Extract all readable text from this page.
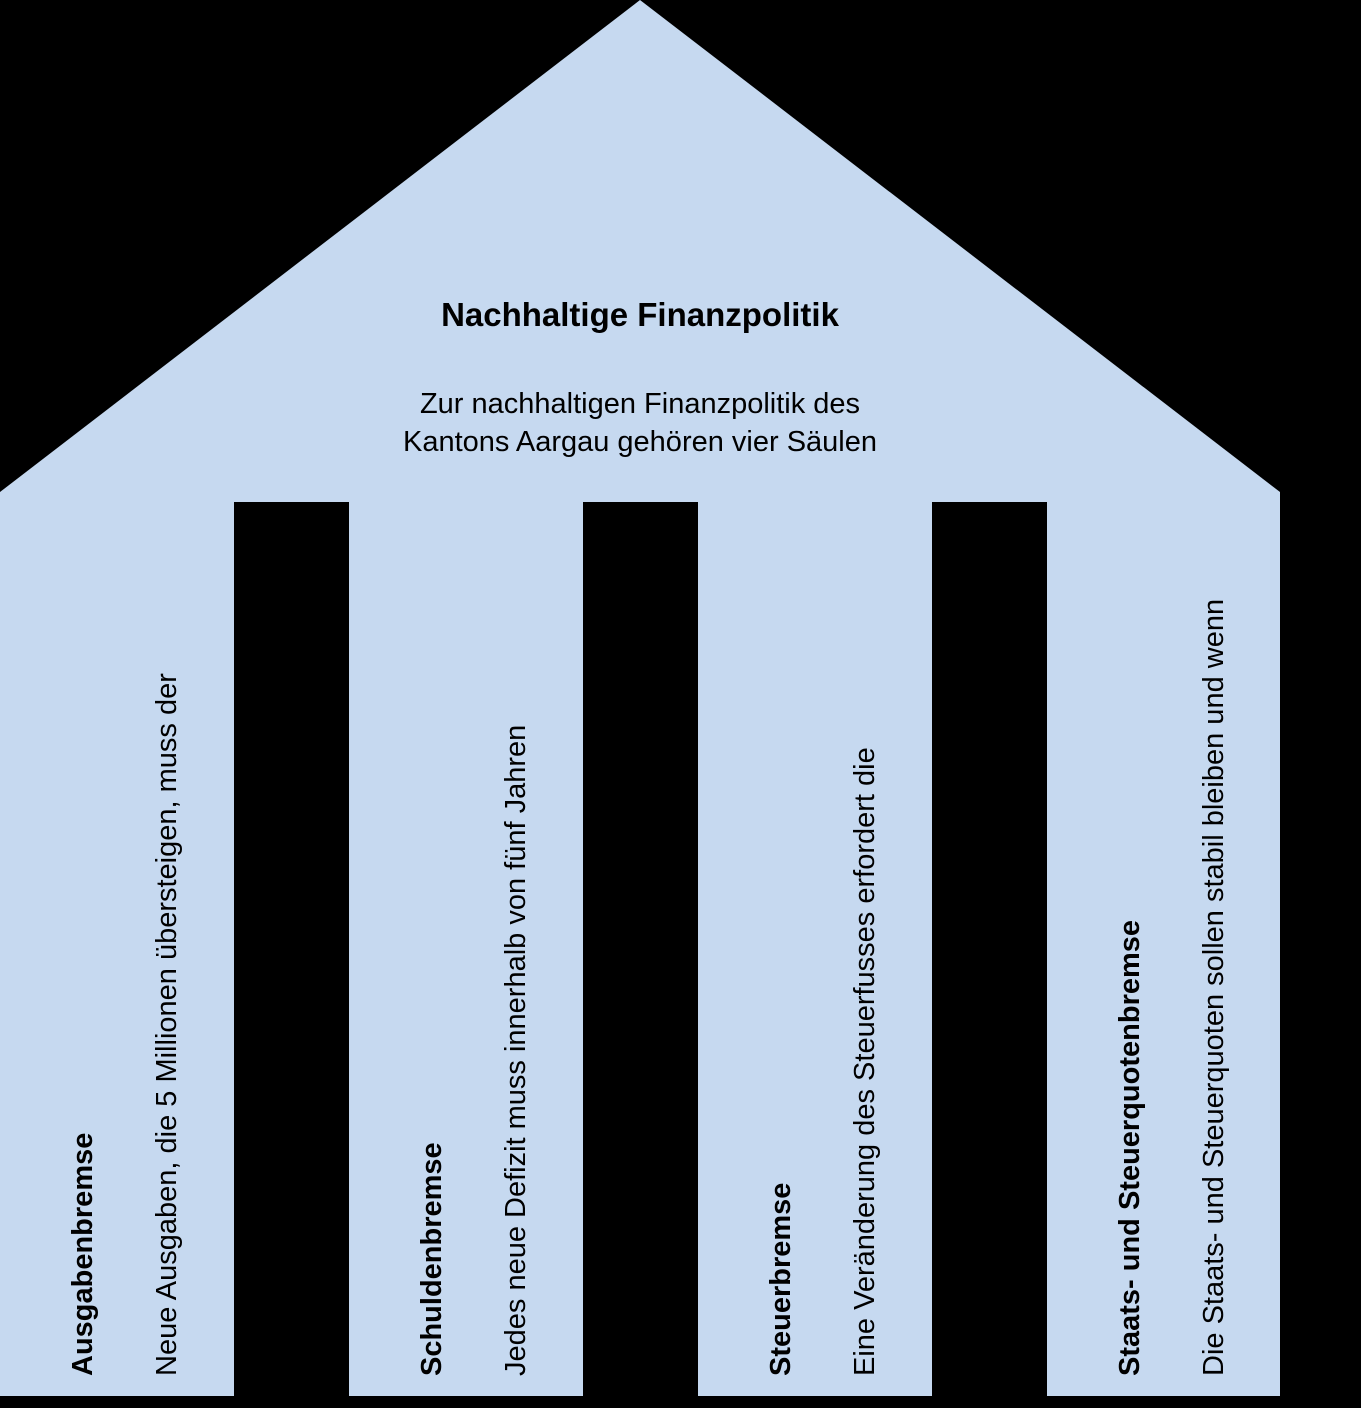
Nachhaltige Finanzpolitik
Zur nachhaltigen Finanzpolitik des
Kantons Aargau gehören vier Säulen

Ausgabenbremse Neue Ausgaben, die 5 Millionen übersteigen, muss der Grosse Rat mit der Mehrheit aller Mitglieder beschliessen.	Schuldenbremse Jedes neue Defizit muss innerhalb von fünf Jahren abgetragen werden.	Steuerbremse Eine Veränderung des Steuerfusses erfordert die Zustimmung der Mehrheit aller Mitglieder des Grossen Rats.	Staats- und Steuerquotenbremse Die Staats- und Steuerquoten sollen stabil bleiben und wenn möglich sinken.
